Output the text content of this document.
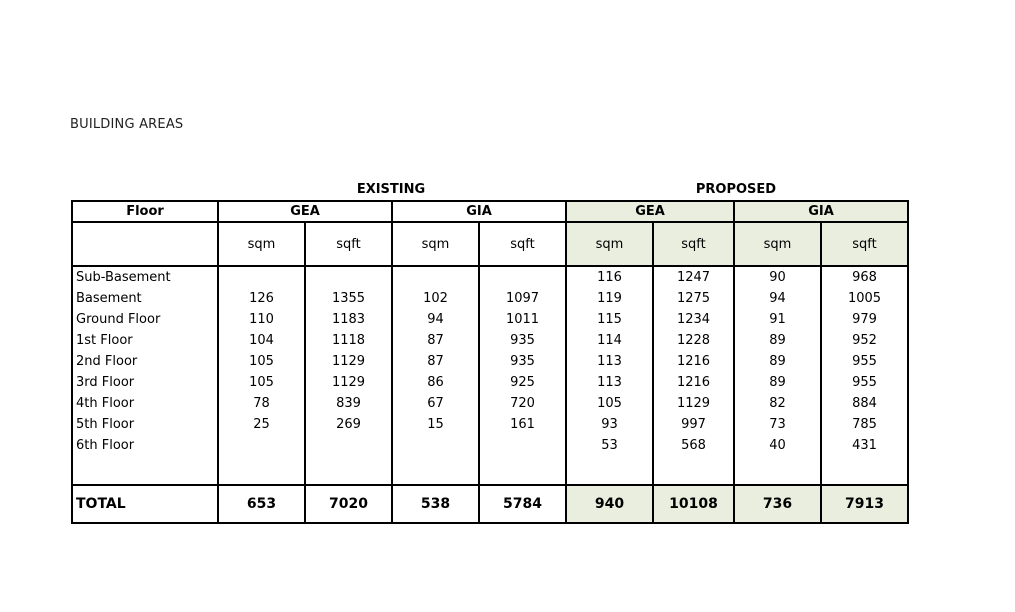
BUILDING AREAS
EXISTING	PROPOSED
Floor	GEA		GIA		GEA		GIA	
	sqm	sqft	sqm	sqft	sqm	sqft	sqm	sqft
Sub-Basement					116	1247	90	968
Basement	126	1355	102	1097	119	1275	94	1005
Ground Floor	110	1183	94	1011	115	1234	91	979
1st Floor	104	1118	87	935	114	1228	89	952
2nd Floor	105	1129	87	935	113	1216	89	955
3rd Floor	105	1129	86	925	113	1216	89	955
4th Floor	78	839	67	720	105	1129	82	884
5th Floor	25	269	15	161	93	997	73	785
6th Floor					53	568	40	431

TOTAL	653	7020	538	5784	940	10108	736	7913
